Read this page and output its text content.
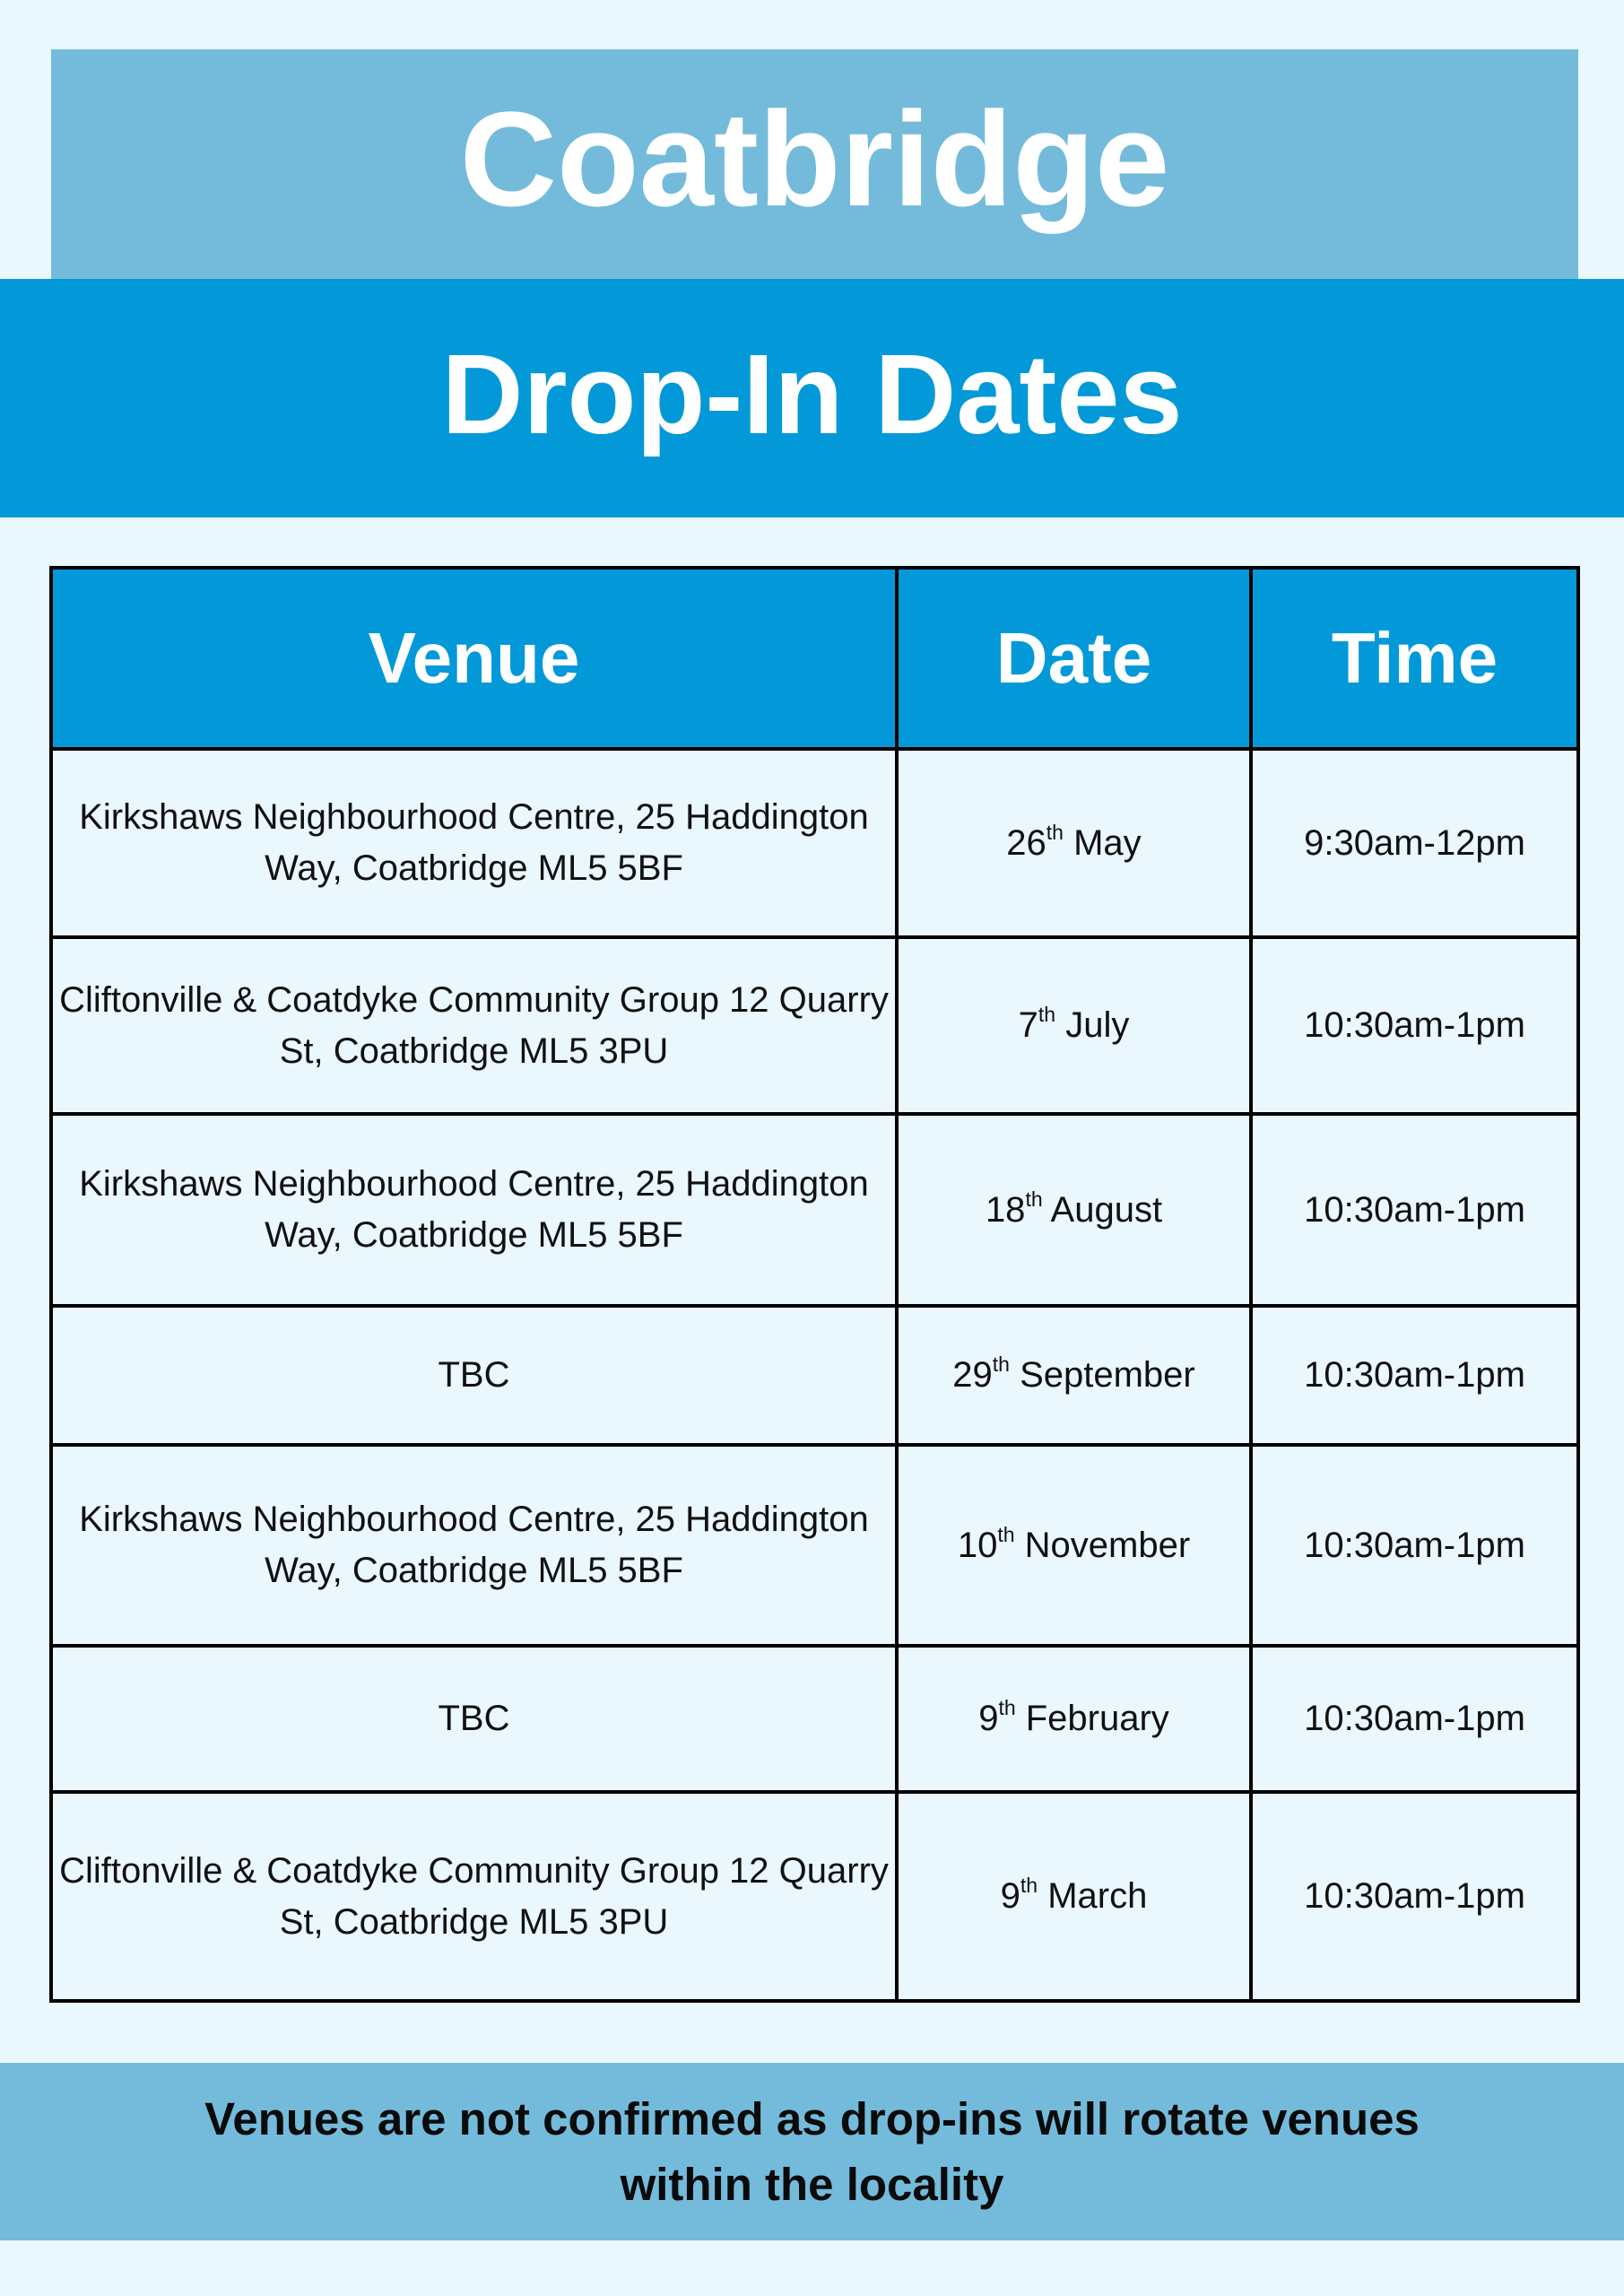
Coatbridge
Drop-In Dates
Venue	Date	Time
Kirkshaws Neighbourhood Centre, 25 Haddington Way, Coatbridge ML5 5BF	26th May	9:30am-12pm
Cliftonville & Coatdyke Community Group 12 Quarry St, Coatbridge ML5 3PU	7th July	10:30am-1pm
Kirkshaws Neighbourhood Centre, 25 Haddington Way, Coatbridge ML5 5BF	18th August	10:30am-1pm
TBC	29th September	10:30am-1pm
Kirkshaws Neighbourhood Centre, 25 Haddington Way, Coatbridge ML5 5BF	10th November	10:30am-1pm
TBC	9th February	10:30am-1pm
Cliftonville & Coatdyke Community Group 12 Quarry St, Coatbridge ML5 3PU	9th March	10:30am-1pm

Venues are not confirmed as drop-ins will rotate venues within the locality
